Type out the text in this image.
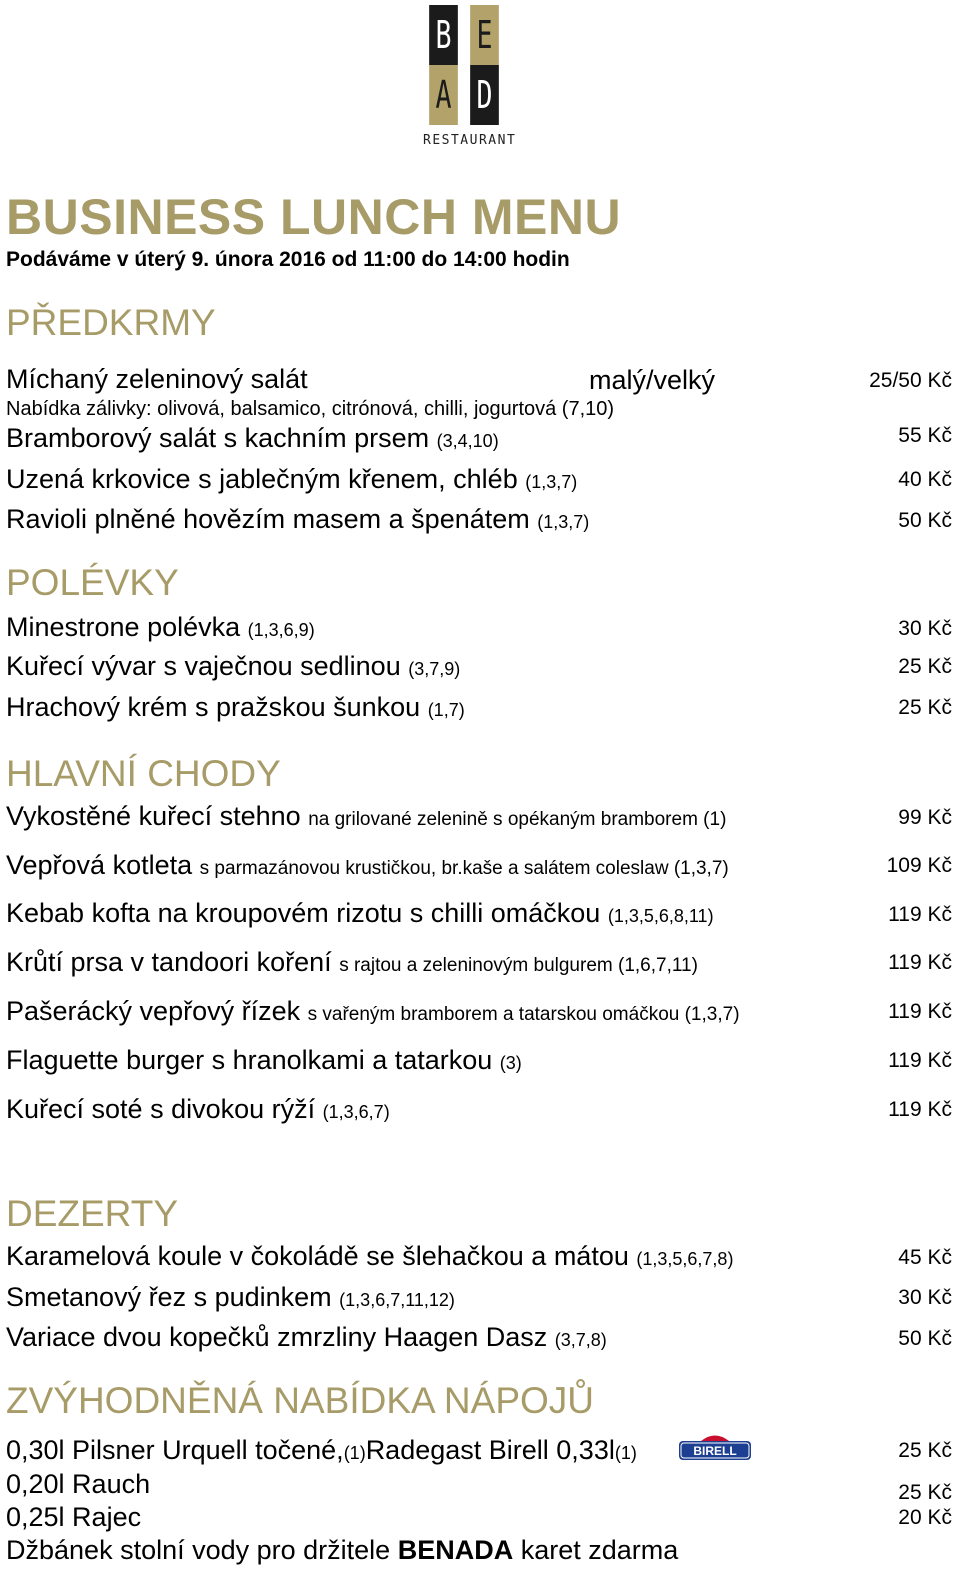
B E
A D
RESTAURANT
BUSINESS LUNCH MENU
Podáváme v úterý 9. února 2016 od 11:00 do 14:00 hodin
PŘEDKRMY
Míchaný zeleninový salát	malý/velký	25/50 Kč
Nabídka zálivky: olivová, balsamico, citrónová, chilli, jogurtová (7,10)
Bramborový salát s kachním prsem (3,4,10)	55 Kč
Uzená krkovice s jablečným křenem, chléb (1,3,7)	40 Kč
Ravioli plněné hovězím masem a špenátem (1,3,7)	50 Kč
POLÉVKY
Minestrone polévka (1,3,6,9)	30 Kč
Kuřecí vývar s vaječnou sedlinou (3,7,9)	25 Kč
Hrachový krém s pražskou šunkou (1,7)	25 Kč
HLAVNÍ CHODY
Vykostěné kuřecí stehno na grilované zelenině s opékaným bramborem (1)	99 Kč
Vepřová kotleta s parmazánovou krustičkou, br.kaše a salátem coleslaw (1,3,7)	109 Kč
Kebab kofta na kroupovém rizotu s chilli omáčkou (1,3,5,6,8,11)	119 Kč
Krůtí prsa v tandoori koření s rajtou a zeleninovým bulgurem (1,6,7,11)	119 Kč
Pašerácký vepřový řízek s vařeným bramborem a tatarskou omáčkou (1,3,7)	119 Kč
Flaguette burger s hranolkami a tatarkou (3)	119 Kč
Kuřecí soté s divokou rýží (1,3,6,7)	119 Kč
DEZERTY
Karamelová koule v čokoládě se šlehačkou a mátou (1,3,5,6,7,8)	45 Kč
Smetanový řez s pudinkem (1,3,6,7,11,12)	30 Kč
Variace dvou kopečků zmrzliny Haagen Dasz (3,7,8)	50 Kč
ZVÝHODNĚNÁ NABÍDKA NÁPOJŮ
0,30l Pilsner Urquell točené,(1)Radegast Birell 0,33l(1)	BIRELL	25 Kč
0,20l Rauch	25 Kč
0,25l Rajec	20 Kč
Džbánek stolní vody pro držitele BENADA karet zdarma
